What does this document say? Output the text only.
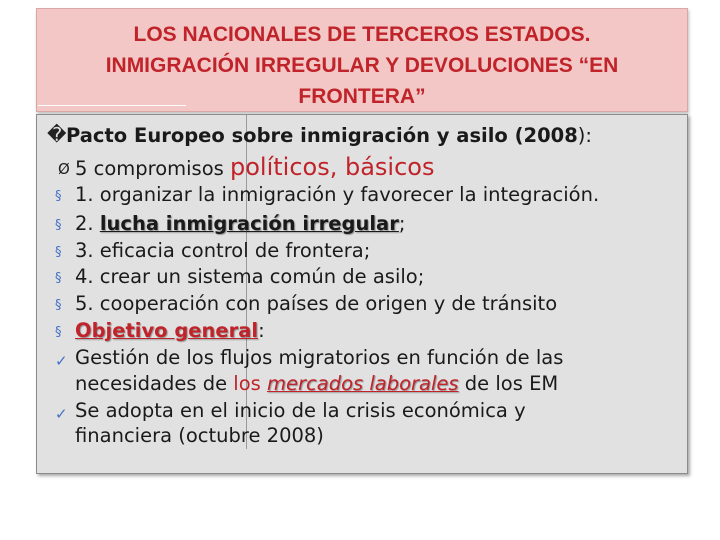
LOS NACIONALES DE TERCEROS ESTADOS.
INMIGRACIÓN IRREGULAR Y DEVOLUCIONES “EN
FRONTERA”
� Pacto Europeo sobre inmigración y asilo (2008):
Ø 5 compromisos políticos, básicos
§ 1. organizar la inmigración y favorecer la integración.
§ 2. lucha inmigración irregular;
§ 3. eficacia control de frontera;
§ 4. crear un sistema común de asilo;
§ 5. cooperación con países de origen y de tránsito
§ Objetivo general:
✓ Gestión de los flujos migratorios en función de las
necesidades de los mercados laborales de los EM
✓ Se adopta en el inicio de la crisis económica y
financiera (octubre 2008)
